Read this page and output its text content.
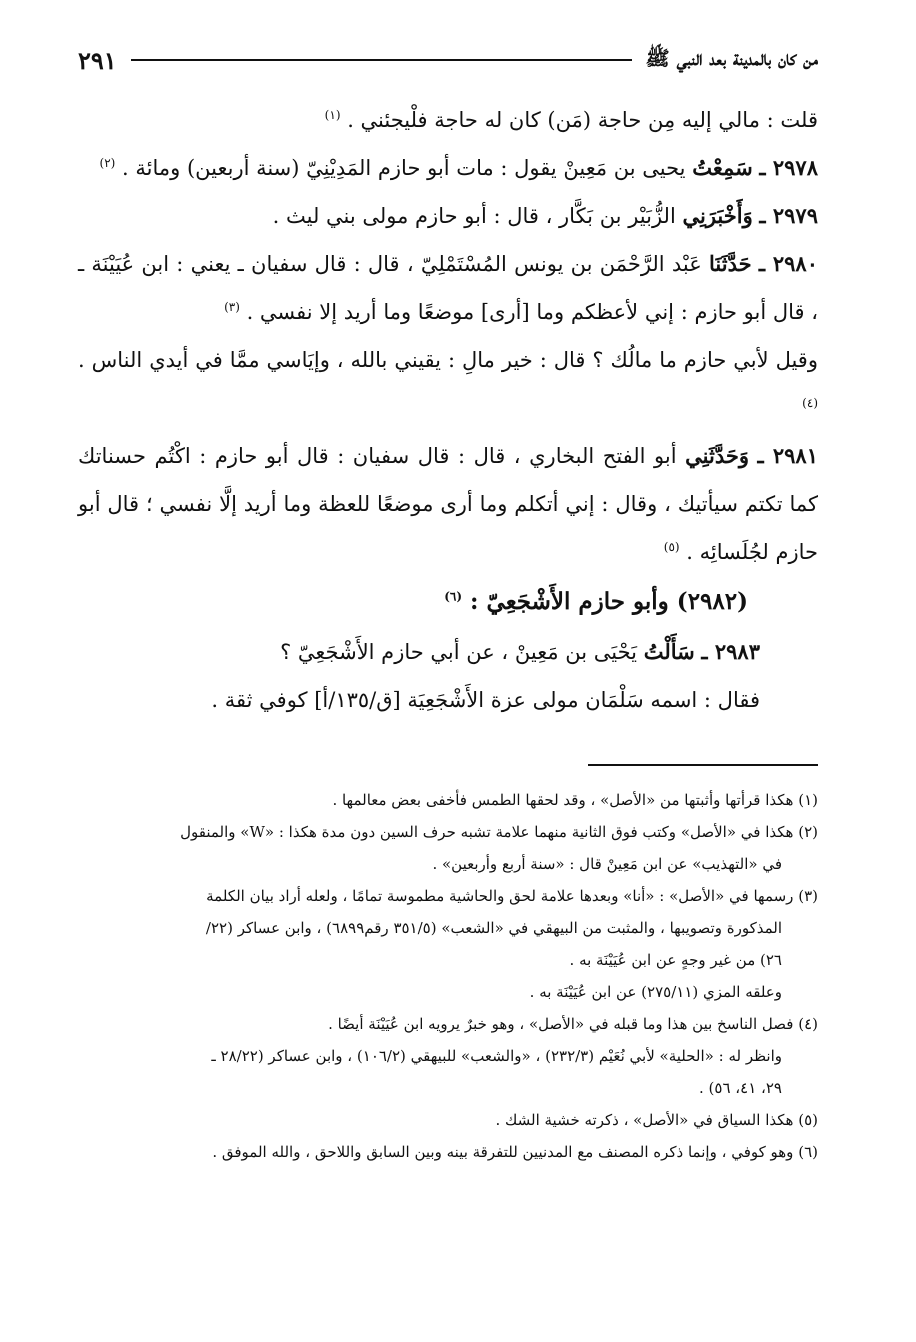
من كان بالمدينة بعد النبي ﷺ
٢٩١
قلت : مالي إليه مِن حاجة (مَن) كان له حاجة فلْيجئني . $^{(١)}$
٢٩٧٨ ـ سَمِعْتُ يحيى بن مَعِينْ يقول : مات أبو حازم المَدِيْنِيّ (سنة أربعين) ومائة . $^{(٢)}$
٢٩٧٩ ـ وَأَخْبَرَنِي الزُّبَيْر بن بَكَّار ، قال : أبو حازم مولى بني ليث .
٢٩٨٠ ـ حَدَّثَنَا عَبْد الرَّحْمَن بن يونس المُسْتَمْلِيّ ، قال : قال سفيان ـ يعني : ابن عُيَيْنَة ـ ، قال أبو حازم : إني لأعظكم وما [أرى] موضعًا وما أريد إلا نفسي . $^{(٣)}$
وقيل لأبي حازم ما مالُك ؟ قال : خير مالِ : يقيني بالله ، وإيَاسي ممَّا في أيدي الناس . $^{(٤)}$
٢٩٨١ ـ وَحَدَّثَنِي أبو الفتح البخاري ، قال : قال سفيان : قال أبو حازم : اكْتُم حسناتك كما تكتم سيأتيك ، وقال : إني أتكلم وما أرى موضعًا للعظة وما أريد إلَّا نفسي ؛ قال أبو حازم لجُلَسائِه . $^{(٥)}$
(٢٩٨٢) وأبو حازم الأَشْجَعِيّ : $^{(٦)}$
٢٩٨٣ ـ سَأَلْتُ يَحْيَى بن مَعِينْ ، عن أبي حازم الأَشْجَعِيّ ؟
فقال : اسمه سَلْمَان مولى عزة الأَشْجَعِيَة [ق/١٣٥/أ] كوفي ثقة .
(١) هكذا قرأتها وأثبتها من «الأصل» ، وقد لحقها الطمس فأخفى بعض معالمها .
(٢) هكذا في «الأصل» وكتب فوق الثانية منهما علامة تشبه حرف السين دون مدة هكذا : «W» والمنقول
في «التهذيب» عن ابن مَعِينْ قال : «سنة أربع وأربعين» .
(٣) رسمها في «الأصل» : «أنا» وبعدها علامة لحق والحاشية مطموسة تمامًا ، ولعله أراد بيان الكلمة
المذكورة وتصويبها ، والمثبت من البيهقي في «الشعب» (٣٥١/٥ رقم٦٨٩٩) ، وابن عساكر (٢٢/
٢٦) من غير وجهٍ عن ابن عُيَيْنَة به .
وعلقه المزي (٢٧٥/١١) عن ابن عُيَيْنَة به .
(٤) فصل الناسخ بين هذا وما قبله في «الأصل» ، وهو خبرٌ يرويه ابن عُيَيْنَة أيضًا .
وانظر له : «الحلية» لأبي نُعَيْم (٢٣٢/٣) ، «والشعب» للبيهقي (١٠٦/٢) ، وابن عساكر (٢٨/٢٢ ـ
٢٩، ٤١، ٥٦) .
(٥) هكذا السياق في «الأصل» ، ذكرته خشية الشك .
(٦) وهو كوفي ، وإنما ذكره المصنف مع المدنيين للتفرقة بينه وبين السابق واللاحق ، والله الموفق .
